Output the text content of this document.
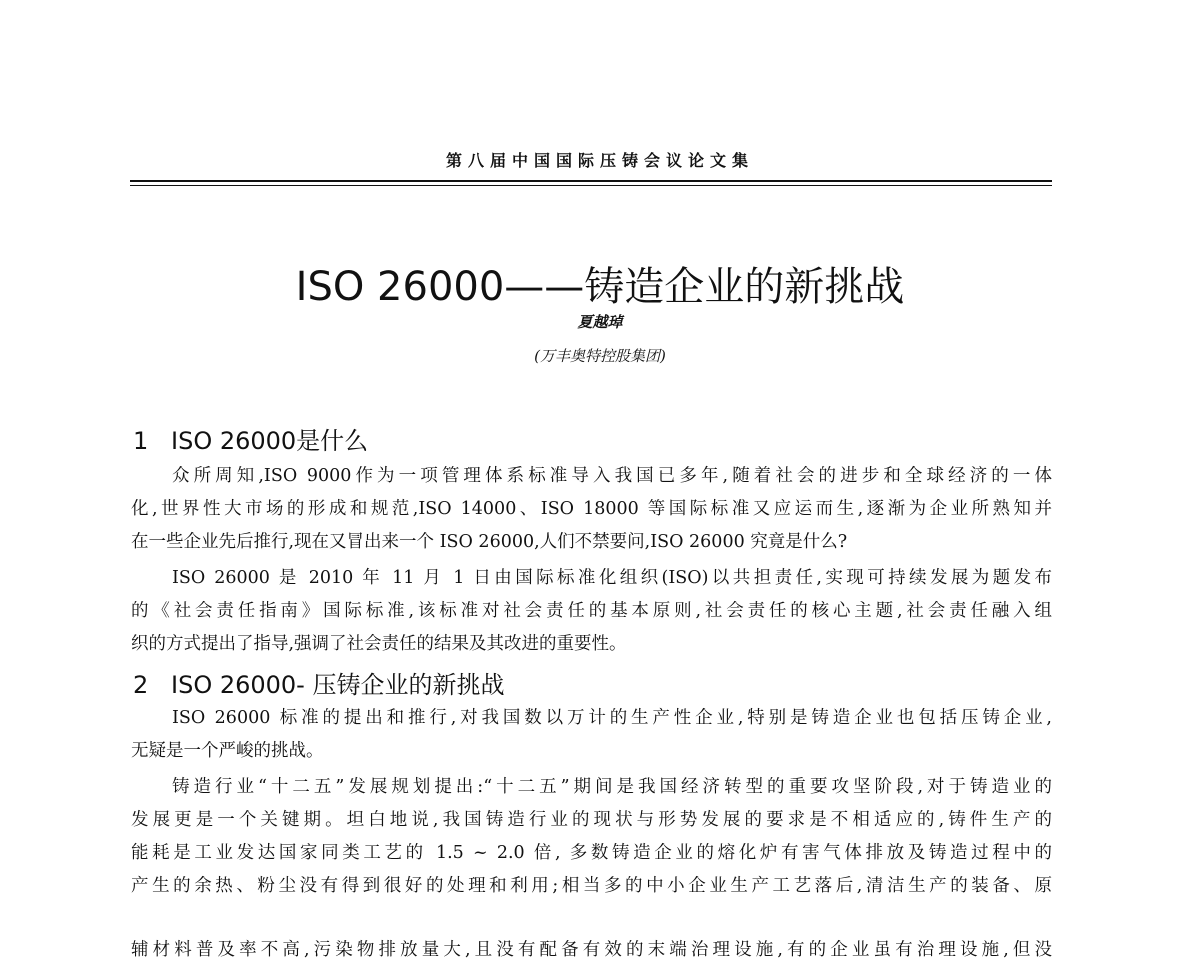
第八届中国国际压铸会议论文集
ISO 26000——铸造企业的新挑战
夏越琸
(万丰奥特控股集团)
1 ISO 26000是什么
众所周知,ISO 9000作为一项管理体系标准导入我国已多年,随着社会的进步和全球经济的一体
化,世界性大市场的形成和规范,ISO 14000、ISO 18000 等国际标准又应运而生,逐渐为企业所熟知并
在一些企业先后推行,现在又冒出来一个 ISO 26000,人们不禁要问,ISO 26000 究竟是什么?
ISO 26000 是 2010 年 11 月 1 日由国际标准化组织(ISO)以共担责任,实现可持续发展为题发布
的《社会责任指南》国际标准,该标准对社会责任的基本原则,社会责任的核心主题,社会责任融入组
织的方式提出了指导,强调了社会责任的结果及其改进的重要性。
2 ISO 26000- 压铸企业的新挑战
ISO 26000 标准的提出和推行,对我国数以万计的生产性企业,特别是铸造企业也包括压铸企业,
无疑是一个严峻的挑战。
铸造行业“十二五”发展规划提出:“十二五”期间是我国经济转型的重要攻坚阶段,对于铸造业的
发展更是一个关键期。坦白地说,我国铸造行业的现状与形势发展的要求是不相适应的,铸件生产的
能耗是工业发达国家同类工艺的 1.5 ~ 2.0 倍, 多数铸造企业的熔化炉有害气体排放及铸造过程中的
产生的余热、粉尘没有得到很好的处理和利用;相当多的中小企业生产工艺落后,清洁生产的装备、原
辅材料普及率不高,污染物排放量大,且没有配备有效的末端治理设施,有的企业虽有治理设施,但没
